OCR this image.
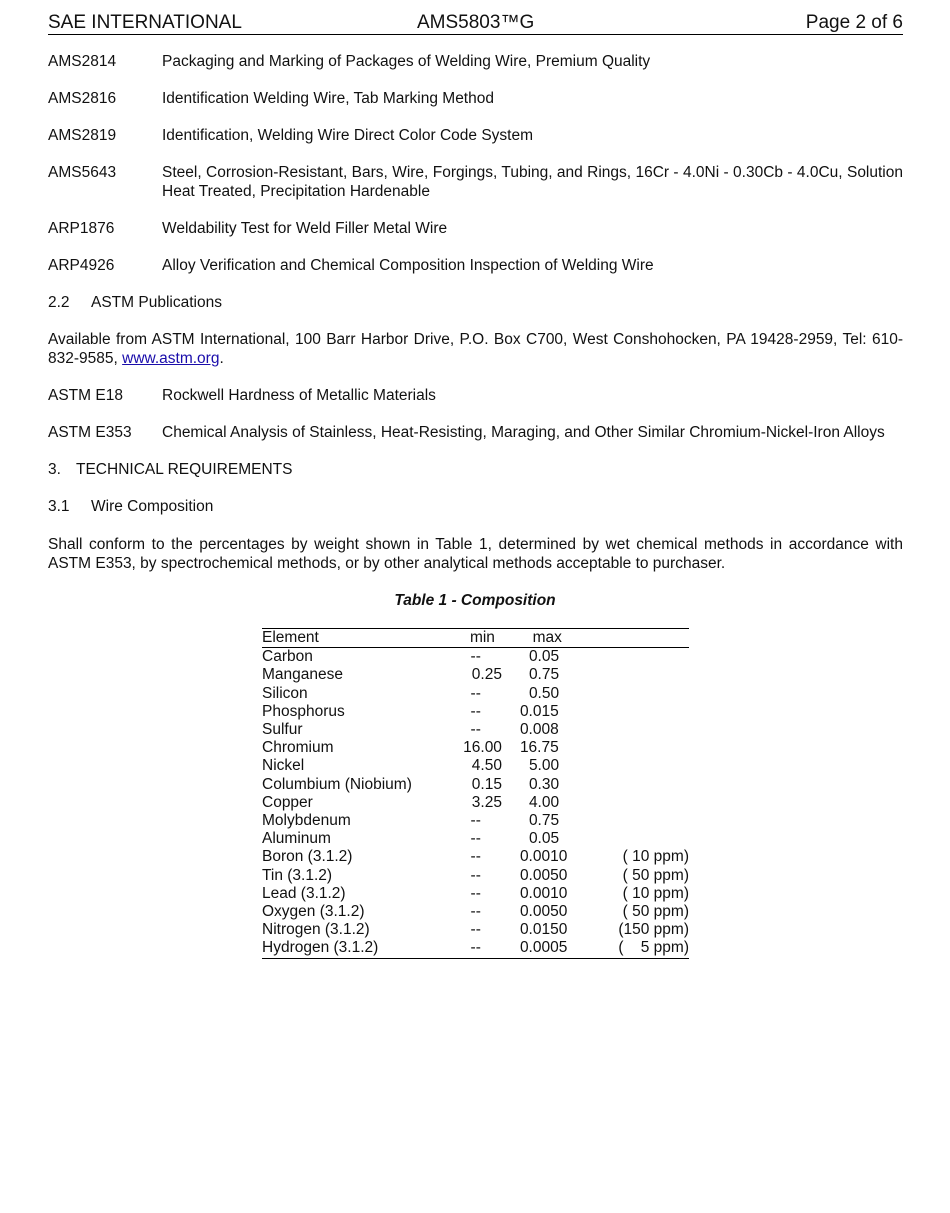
SAE INTERNATIONAL	AMS5803™G	Page 2 of 6
AMS2814	Packaging and Marking of Packages of Welding Wire, Premium Quality
AMS2816	Identification Welding Wire, Tab Marking Method
AMS2819	Identification, Welding Wire Direct Color Code System
AMS5643	Steel, Corrosion-Resistant, Bars, Wire, Forgings, Tubing, and Rings, 16Cr - 4.0Ni - 0.30Cb - 4.0Cu, Solution Heat Treated, Precipitation Hardenable
ARP1876	Weldability Test for Weld Filler Metal Wire
ARP4926	Alloy Verification and Chemical Composition Inspection of Welding Wire
2.2 ASTM Publications
Available from ASTM International, 100 Barr Harbor Drive, P.O. Box C700, West Conshohocken, PA 19428-2959, Tel: 610-832-9585, www.astm.org.
ASTM E18	Rockwell Hardness of Metallic Materials
ASTM E353 Chemical Analysis of Stainless, Heat-Resisting, Maraging, and Other Similar Chromium-Nickel-Iron Alloys
3. TECHNICAL REQUIREMENTS
3.1 Wire Composition
Shall conform to the percentages by weight shown in Table 1, determined by wet chemical methods in accordance with ASTM E353, by spectrochemical methods, or by other analytical methods acceptable to purchaser.
Table 1 - Composition
Element	min	max	
Carbon	--	0.05	
Manganese	0.25	0.75	
Silicon	--	0.50	
Phosphorus	--	0.015	
Sulfur	--	0.008	
Chromium	16.00	16.75	
Nickel	4.50	5.00	
Columbium (Niobium)	0.15	0.30	
Copper	3.25	4.00	
Molybdenum	--	0.75	
Aluminum	--	0.05	
Boron (3.1.2)	--	0.0010	( 10 ppm)
Tin (3.1.2)	--	0.0050	( 50 ppm)
Lead (3.1.2)	--	0.0010	( 10 ppm)
Oxygen (3.1.2)	--	0.0050	( 50 ppm)
Nitrogen (3.1.2)	--	0.0150	(150 ppm)
Hydrogen (3.1.2)	--	0.0005	(    5 ppm)
